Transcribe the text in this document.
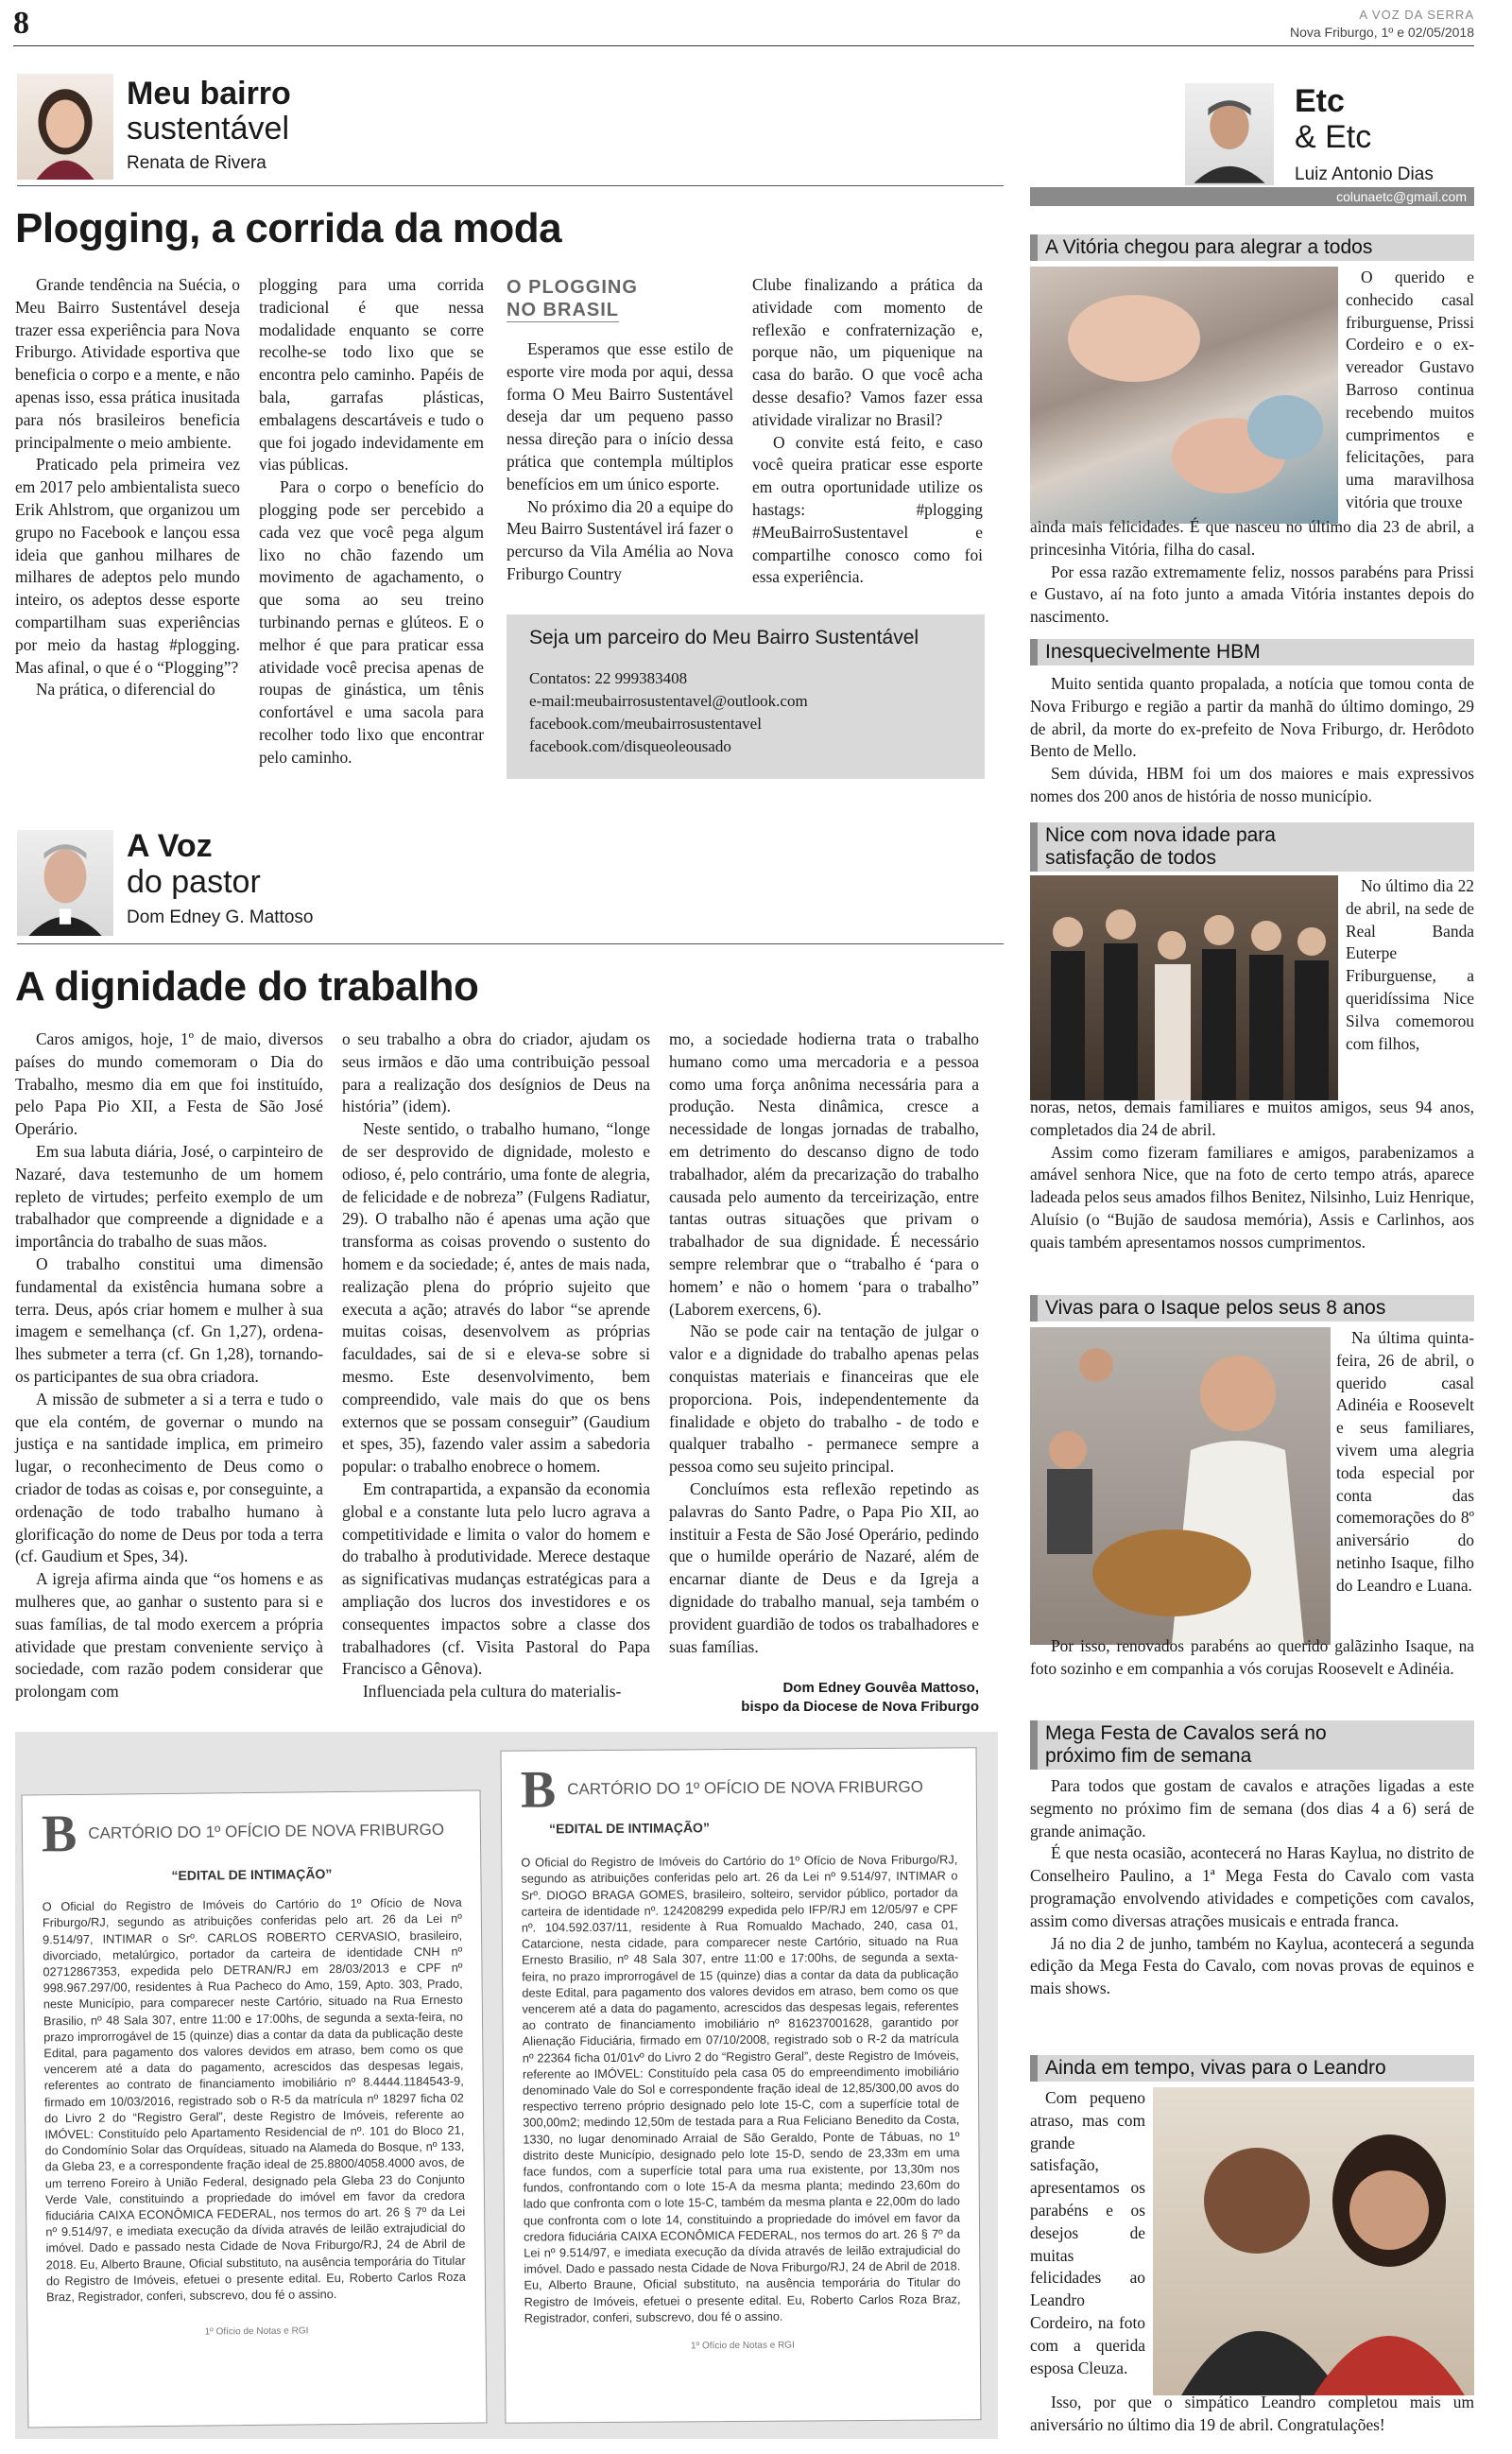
8	A VOZ DA SERRA
Nova Friburgo, 1º e 02/05/2018
Meu bairro
sustentável
Renata de Rivera
Plogging, a corrida da moda

Grande tendência na Suécia, o Meu Bairro Sustentável deseja trazer essa experiência para Nova Friburgo. Atividade esportiva que beneficia o corpo e a mente, e não apenas isso, essa prática inusitada para nós brasileiros beneficia principalmente o meio ambiente.

Praticado pela primeira vez em 2017 pelo ambientalista sueco Erik Ahlstrom, que organizou um grupo no Facebook e lançou essa ideia que ganhou milhares de milhares de adeptos pelo mundo inteiro, os adeptos desse esporte compartilham suas experiências por meio da hastag #plogging. Mas afinal, o que é o “Plogging”?

Na prática, o diferencial do

plogging para uma corrida tradicional é que nessa modalidade enquanto se corre recolhe-se todo lixo que se encontra pelo caminho. Papéis de bala, garrafas plásticas, embalagens descartáveis e tudo o que foi jogado indevidamente em vias públicas.

Para o corpo o benefício do plogging pode ser percebido a cada vez que você pega algum lixo no chão fazendo um movimento de agachamento, o que soma ao seu treino turbinando pernas e glúteos. E o melhor é que para praticar essa atividade você precisa apenas de roupas de ginástica, um tênis confortável e uma sacola para recolher todo lixo que encontrar pelo caminho.

O PLOGGING
NO BRASIL

Esperamos que esse estilo de esporte vire moda por aqui, dessa forma O Meu Bairro Sustentável deseja dar um pequeno passo nessa direção para o início dessa prática que contempla múltiplos benefícios em um único esporte.

No próximo dia 20 a equipe do Meu Bairro Sustentável irá fazer o percurso da Vila Amélia ao Nova Friburgo Country

Clube finalizando a prática da atividade com momento de reflexão e confraternização e, porque não, um piquenique na casa do barão. O que você acha desse desafio? Vamos fazer essa atividade viralizar no Brasil?

O convite está feito, e caso você queira praticar esse esporte em outra oportunidade utilize os hastags: #plogging #MeuBairroSustentavel e compartilhe conosco como foi essa experiência.

Seja um parceiro do Meu Bairro Sustentável
Contatos: 22 999383408
e-mail:meubairrosustentavel@outlook.com
facebook.com/meubairrosustentavel
facebook.com/disqueoleousado
A Voz
do pastor
Dom Edney G. Mattoso
A dignidade do trabalho

Caros amigos, hoje, 1º de maio, diversos países do mundo comemoram o Dia do Trabalho, mesmo dia em que foi instituído, pelo Papa Pio XII, a Festa de São José Operário.

Em sua labuta diária, José, o carpinteiro de Nazaré, dava testemunho de um homem repleto de virtudes; perfeito exemplo de um trabalhador que compreende a dignidade e a importância do trabalho de suas mãos.

O trabalho constitui uma dimensão fundamental da existência humana sobre a terra. Deus, após criar homem e mulher à sua imagem e semelhança (cf. Gn 1,27), ordena-lhes submeter a terra (cf. Gn 1,28), tornando-os participantes de sua obra criadora.

A missão de submeter a si a terra e tudo o que ela contém, de governar o mundo na justiça e na santidade implica, em primeiro lugar, o reconhecimento de Deus como o criador de todas as coisas e, por conseguinte, a ordenação de todo trabalho humano à glorificação do nome de Deus por toda a terra (cf. Gaudium et Spes, 34).

A igreja afirma ainda que “os homens e as mulheres que, ao ganhar o sustento para si e suas famílias, de tal modo exercem a própria atividade que prestam conveniente serviço à sociedade, com razão podem considerar que prolongam com

o seu trabalho a obra do criador, ajudam os seus irmãos e dão uma contribuição pessoal para a realização dos desígnios de Deus na história” (idem).

Neste sentido, o trabalho humano, “longe de ser desprovido de dignidade, molesto e odioso, é, pelo contrário, uma fonte de alegria, de felicidade e de nobreza” (Fulgens Radiatur, 29). O trabalho não é apenas uma ação que transforma as coisas provendo o sustento do homem e da sociedade; é, antes de mais nada, realização plena do próprio sujeito que executa a ação; através do labor “se aprende muitas coisas, desenvolvem as próprias faculdades, sai de si e eleva-se sobre si mesmo. Este desenvolvimento, bem compreendido, vale mais do que os bens externos que se possam conseguir” (Gaudium et spes, 35), fazendo valer assim a sabedoria popular: o trabalho enobrece o homem.

Em contrapartida, a expansão da economia global e a constante luta pelo lucro agrava a competitividade e limita o valor do homem e do trabalho à produtividade. Merece destaque as significativas mudanças estratégicas para a ampliação dos lucros dos investidores e os consequentes impactos sobre a classe dos trabalhadores (cf. Visita Pastoral do Papa Francisco a Gênova).

Influenciada pela cultura do materialis-

mo, a sociedade hodierna trata o trabalho humano como uma mercadoria e a pessoa como uma força anônima necessária para a produção. Nesta dinâmica, cresce a necessidade de longas jornadas de trabalho, em detrimento do descanso digno de todo trabalhador, além da precarização do trabalho causada pelo aumento da terceirização, entre tantas outras situações que privam o trabalhador de sua dignidade. É necessário sempre relembrar que o “trabalho é ‘para o homem’ e não o homem ‘para o trabalho” (Laborem exercens, 6).

Não se pode cair na tentação de julgar o valor e a dignidade do trabalho apenas pelas conquistas materiais e financeiras que ele proporciona. Pois, independentemente da finalidade e objeto do trabalho - de todo e qualquer trabalho - permanece sempre a pessoa como seu sujeito principal.

Concluímos esta reflexão repetindo as palavras do Santo Padre, o Papa Pio XII, ao instituir a Festa de São José Operário, pedindo que o humilde operário de Nazaré, além de encarnar diante de Deus e da Igreja a dignidade do trabalho manual, seja também o provident guardião de todos os trabalhadores e suas famílias.

Dom Edney Gouvêa Mattoso,
bispo da Diocese de Nova Friburgo
B CARTÓRIO DO 1º OFÍCIO DE NOVA FRIBURGO
“EDITAL DE INTIMAÇÃO”
O Oficial do Registro de Imóveis do Cartório do 1º Ofício de Nova Friburgo/RJ, segundo as atribuições conferidas pelo art. 26 da Lei nº 9.514/97, INTIMAR o Srº. CARLOS ROBERTO CERVASIO, brasileiro, divorciado, metalúrgico, portador da carteira de identidade CNH nº 02712867353, expedida pelo DETRAN/RJ em 28/03/2013 e CPF nº 998.967.297/00, residentes à Rua Pacheco do Amo, 159, Apto. 303, Prado, neste Município, para comparecer neste Cartório, situado na Rua Ernesto Brasilio, nº 48 Sala 307, entre 11:00 e 17:00hs, de segunda a sexta-feira, no prazo improrrogável de 15 (quinze) dias a contar da data da publicação deste Edital, para pagamento dos valores devidos em atraso, bem como os que vencerem até a data do pagamento, acrescidos das despesas legais, referentes ao contrato de financiamento imobiliário nº 8.4444.1184543-9, firmado em 10/03/2016, registrado sob o R-5 da matrícula nº 18297 ficha 02 do Livro 2 do “Registro Geral”, deste Registro de Imóveis, referente ao IMÓVEL: Constituído pelo Apartamento Residencial de nº. 101 do Bloco 21, do Condomínio Solar das Orquídeas, situado na Alameda do Bosque, nº 133, da Gleba 23, e a correspondente fração ideal de 25.8800/4058.4000 avos, de um terreno Foreiro à União Federal, designado pela Gleba 23 do Conjunto Verde Vale, constituindo a propriedade do imóvel em favor da credora fiduciária CAIXA ECONÔMICA FEDERAL, nos termos do art. 26 § 7º da Lei nº 9.514/97, e imediata execução da dívida através de leilão extrajudicial do imóvel. Dado e passado nesta Cidade de Nova Friburgo/RJ, 24 de Abril de 2018. Eu, Alberto Braune, Oficial substituto, na ausência temporária do Titular do Registro de Imóveis, efetuei o presente edital. Eu, Roberto Carlos Roza Braz, Registrador, conferi, subscrevo, dou fé o assino.
1º Ofício de Notas e RGI
B CARTÓRIO DO 1º OFÍCIO DE NOVA FRIBURGO
“EDITAL DE INTIMAÇÃO”
O Oficial do Registro de Imóveis do Cartório do 1º Ofício de Nova Friburgo/RJ, segundo as atribuições conferidas pelo art. 26 da Lei nº 9.514/97, INTIMAR o Srº. DIOGO BRAGA GOMES, brasileiro, solteiro, servidor público, portador da carteira de identidade nº. 124208299 expedida pelo IFP/RJ em 12/05/97 e CPF nº. 104.592.037/11, residente à Rua Romualdo Machado, 240, casa 01, Catarcione, nesta cidade, para comparecer neste Cartório, situado na Rua Ernesto Brasilio, nº 48 Sala 307, entre 11:00 e 17:00hs, de segunda a sexta-feira, no prazo improrrogável de 15 (quinze) dias a contar da data da publicação deste Edital, para pagamento dos valores devidos em atraso, bem como os que vencerem até a data do pagamento, acrescidos das despesas legais, referentes ao contrato de financiamento imobiliário nº 816237001628, garantido por Alienação Fiduciária, firmado em 07/10/2008, registrado sob o R-2 da matrícula nº 22364 ficha 01/01vº do Livro 2 do “Registro Geral”, deste Registro de Imóveis, referente ao IMÓVEL: Constituído pela casa 05 do empreendimento imobiliário denominado Vale do Sol e correspondente fração ideal de 12,85/300,00 avos do respectivo terreno próprio designado pelo lote 15-C, com a superfície total de 300,00m2; medindo 12,50m de testada para a Rua Feliciano Benedito da Costa, 1330, no lugar denominado Arraial de São Geraldo, Ponte de Tábuas, no 1º distrito deste Município, designado pelo lote 15-D, sendo de 23,33m em uma face fundos, com a superfície total para uma rua existente, por 13,30m nos fundos, confrontando com o lote 15-A da mesma planta; medindo 23,60m do lado que confronta com o lote 15-C, também da mesma planta e 22,00m do lado que confronta com o lote 14, constituindo a propriedade do imóvel em favor da credora fiduciária CAIXA ECONÔMICA FEDERAL, nos termos do art. 26 § 7º da Lei nº 9.514/97, e imediata execução da dívida através de leilão extrajudicial do imóvel. Dado e passado nesta Cidade de Nova Friburgo/RJ, 24 de Abril de 2018. Eu, Alberto Braune, Oficial substituto, na ausência temporária do Titular do Registro de Imóveis, efetuei o presente edital. Eu, Roberto Carlos Roza Braz, Registrador, conferi, subscrevo, dou fé o assino.
1º Ofício de Notas e RGI
Etc
& Etc
Luiz Antonio Dias
colunaetc@gmail.com
A Vitória chegou para alegrar a todos

O querido e conhecido casal friburguense, Prissi Cordeiro e o ex-vereador Gustavo Barroso continua recebendo muitos cumprimentos e felicitações, para uma maravilhosa vitória que trouxe

ainda mais felicidades. É que nasceu no último dia 23 de abril, a princesinha Vitória, filha do casal.

Por essa razão extremamente feliz, nossos parabéns para Prissi e Gustavo, aí na foto junto a amada Vitória instantes depois do nascimento.

Inesquecivelmente HBM

Muito sentida quanto propalada, a notícia que tomou conta de Nova Friburgo e região a partir da manhã do último domingo, 29 de abril, da morte do ex-prefeito de Nova Friburgo, dr. Herôdoto Bento de Mello.

Sem dúvida, HBM foi um dos maiores e mais expressivos nomes dos 200 anos de história de nosso município.

Nice com nova idade para
satisfação de todos

No último dia 22 de abril, na sede de Real Banda Euterpe Friburguense, a queridíssima Nice Silva comemorou com filhos,

noras, netos, demais familiares e muitos amigos, seus 94 anos, completados dia 24 de abril.

Assim como fizeram familiares e amigos, parabenizamos a amável senhora Nice, que na foto de certo tempo atrás, aparece ladeada pelos seus amados filhos Benitez, Nilsinho, Luiz Henrique, Aluísio (o “Bujão de saudosa memória), Assis e Carlinhos, aos quais também apresentamos nossos cumprimentos.

Vivas para o Isaque pelos seus 8 anos

Na última quinta-feira, 26 de abril, o querido casal Adinéia e Roosevelt e seus familiares, vivem uma alegria toda especial por conta das comemorações do 8º aniversário do netinho Isaque, filho do Leandro e Luana.

Por isso, renovados parabéns ao querido galãzinho Isaque, na foto sozinho e em companhia a vós corujas Roosevelt e Adinéia.

Mega Festa de Cavalos será no
próximo fim de semana

Para todos que gostam de cavalos e atrações ligadas a este segmento no próximo fim de semana (dos dias 4 a 6) será de grande animação.

É que nesta ocasião, acontecerá no Haras Kaylua, no distrito de Conselheiro Paulino, a 1ª Mega Festa do Cavalo com vasta programação envolvendo atividades e competições com cavalos, assim como diversas atrações musicais e entrada franca.

Já no dia 2 de junho, também no Kaylua, acontecerá a segunda edição da Mega Festa do Cavalo, com novas provas de equinos e mais shows.

Ainda em tempo, vivas para o Leandro

Com pequeno atraso, mas com grande satisfação, apresentamos os parabéns e os desejos de muitas felicidades ao Leandro Cordeiro, na foto com a querida esposa Cleuza.

Isso, por que o simpático Leandro completou mais um aniversário no último dia 19 de abril. Congratulações!
